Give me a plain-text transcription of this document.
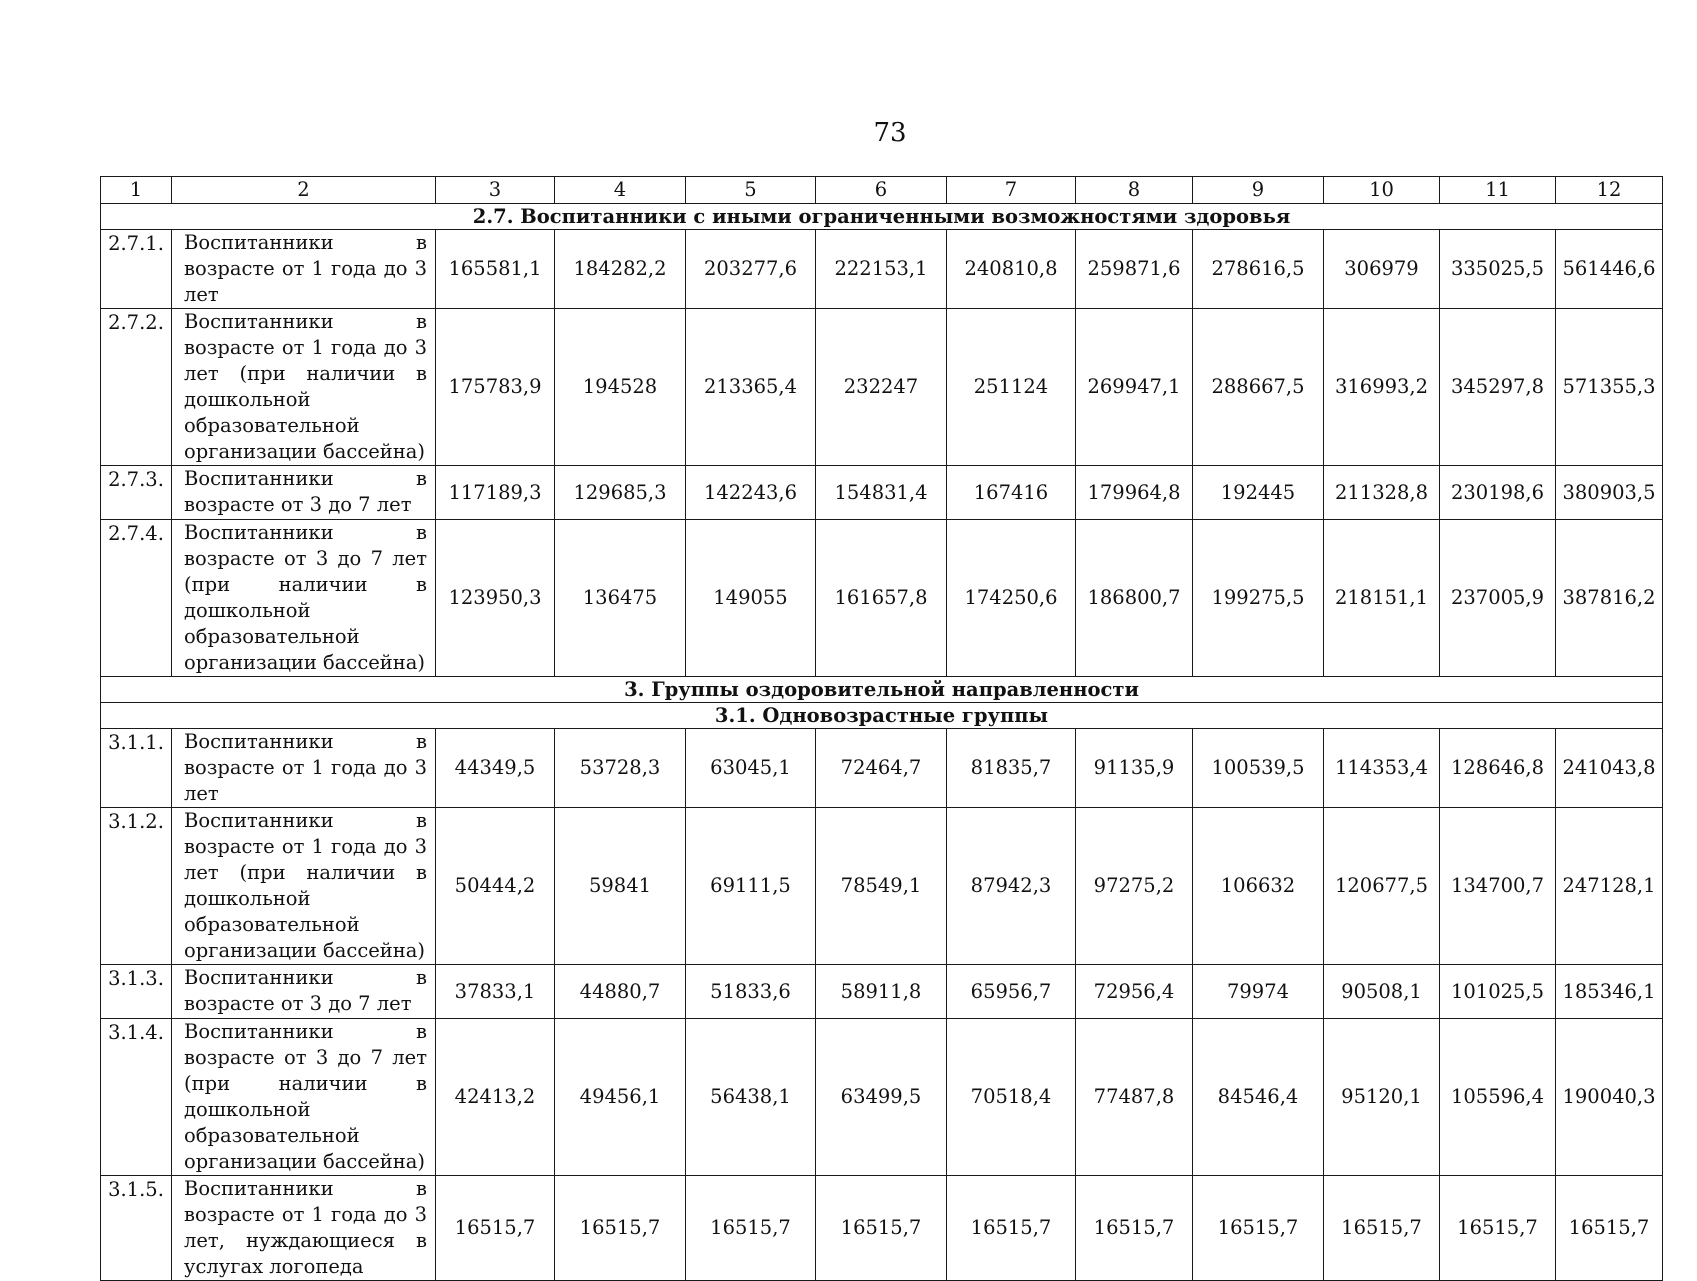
73
1	2	3	4	5	6	7	8	9	10	11	12
2.7. Воспитанники с иными ограниченными возможностями здоровья											
2.7.1.	Воспитанники в возрасте от 1 года до 3 лет	165581,1	184282,2	203277,6	222153,1	240810,8	259871,6	278616,5	306979	335025,5	561446,6
2.7.2.	Воспитанники в возрасте от 1 года до 3 лет (при наличии в дошкольной образовательной организации бассейна)	175783,9	194528	213365,4	232247	251124	269947,1	288667,5	316993,2	345297,8	571355,3
2.7.3.	Воспитанники в возрасте от 3 до 7 лет	117189,3	129685,3	142243,6	154831,4	167416	179964,8	192445	211328,8	230198,6	380903,5
2.7.4.	Воспитанники в возрасте от 3 до 7 лет (при наличии в дошкольной образовательной организации бассейна)	123950,3	136475	149055	161657,8	174250,6	186800,7	199275,5	218151,1	237005,9	387816,2
3. Группы оздоровительной направленности											
3.1. Одновозрастные группы											
3.1.1.	Воспитанники в возрасте от 1 года до 3 лет	44349,5	53728,3	63045,1	72464,7	81835,7	91135,9	100539,5	114353,4	128646,8	241043,8
3.1.2.	Воспитанники в возрасте от 1 года до 3 лет (при наличии в дошкольной образовательной организации бассейна)	50444,2	59841	69111,5	78549,1	87942,3	97275,2	106632	120677,5	134700,7	247128,1
3.1.3.	Воспитанники в возрасте от 3 до 7 лет	37833,1	44880,7	51833,6	58911,8	65956,7	72956,4	79974	90508,1	101025,5	185346,1
3.1.4.	Воспитанники в возрасте от 3 до 7 лет (при наличии в дошкольной образовательной организации бассейна)	42413,2	49456,1	56438,1	63499,5	70518,4	77487,8	84546,4	95120,1	105596,4	190040,3
3.1.5.	Воспитанники в возрасте от 1 года до 3 лет, нуждающиеся в услугах логопеда	16515,7	16515,7	16515,7	16515,7	16515,7	16515,7	16515,7	16515,7	16515,7	16515,7
